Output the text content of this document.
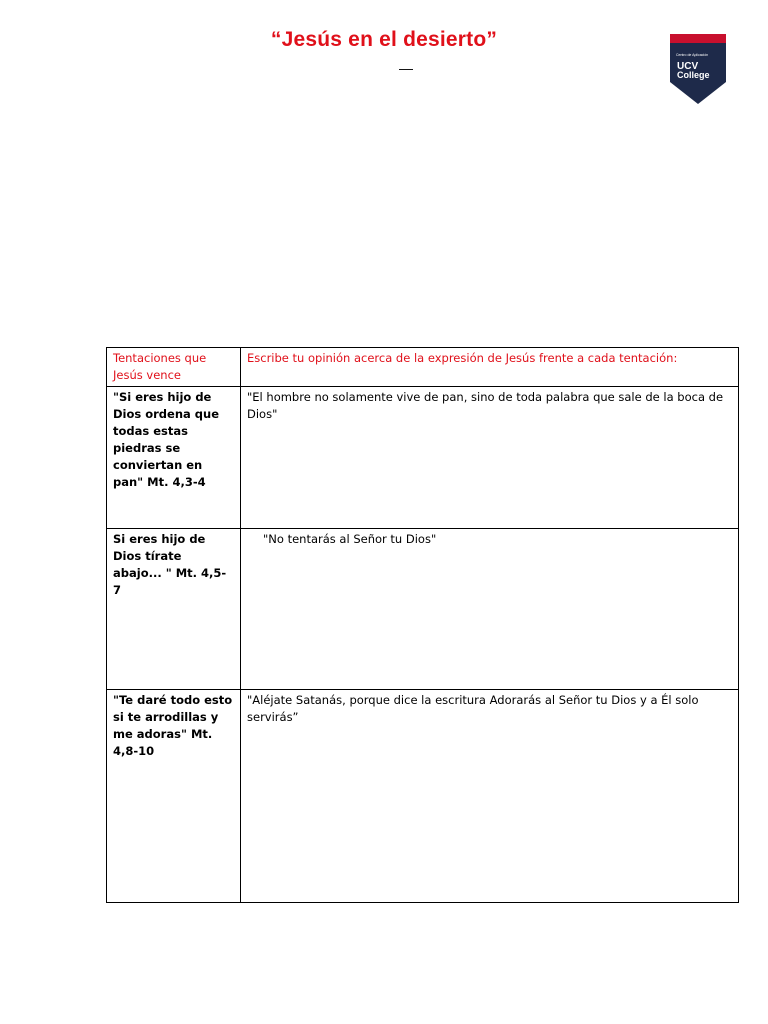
“Jesús en el desierto”
—
Centro de Aplicación
UCV
College
Tentaciones que Jesús vence	Escribe tu opinión acerca de la expresión de Jesús frente a cada tentación:
"Si eres hijo de Dios ordena que todas estas piedras se conviertan en pan" Mt. 4,3-4	"El hombre no solamente vive de pan, sino de toda palabra que sale de la boca de Dios"
Si eres hijo de Dios tírate abajo... " Mt. 4,5-7	"No tentarás al Señor tu Dios"
"Te daré todo esto si te arrodillas y me adoras" Mt. 4,8-10	"Aléjate Satanás, porque dice la escritura Adorarás al Señor tu Dios y a Él solo servirás”
